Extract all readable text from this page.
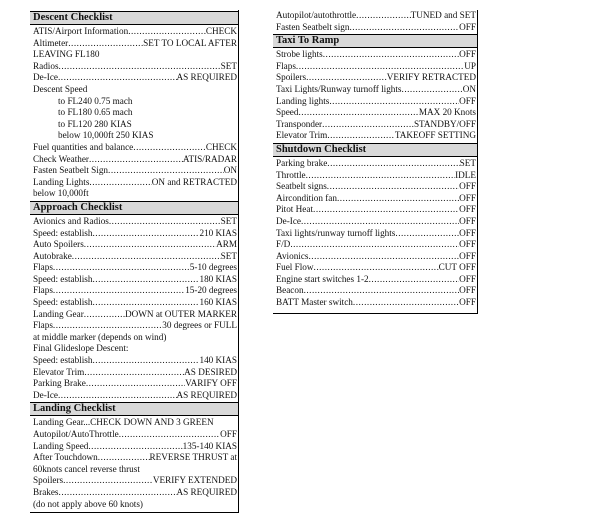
Descent Checklist
ATIS/Airport Information .....	CHECK
Altimeter .....	SET TO LOCAL AFTER
LEAVING FL180
Radios .....	SET
De-Ice .....	AS REQUIRED
Descent Speed
to FL240 0.75 mach
to FL180 0.65 mach
to FL120 280 KIAS
below 10,000ft 250 KIAS
Fuel quantities and balance .....	CHECK
Check Weather .....	ATIS/RADAR
Fasten Seatbelt Sign .....	ON
Landing Lights .....	ON and RETRACTED
below 10,000ft
Approach Checklist
Avionics and Radios .....	SET
Speed: establish .....	210 KIAS
Auto Spoilers .....	ARM
Autobrake .....	SET
Flaps .....	5-10 degrees
Speed: establish .....	180 KIAS
Flaps .....	15-20 degrees
Speed: establish .....	160 KIAS
Landing Gear .....	DOWN at OUTER MARKER
Flaps .....	30 degrees or FULL
at middle marker (depends on wind)
Final Glideslope Descent:
Speed: establish .....	140 KIAS
Elevator Trim .....	AS DESIRED
Parking Brake .....	VARIFY OFF
De-Ice .....	AS REQUIRED
Landing Checklist
Landing Gear...CHECK DOWN AND 3 GREEN
Autopilot/AutoThrottle .....	OFF
Landing Speed .....	135-140 KIAS
After Touchdown .....	REVERSE THRUST at
60knots cancel reverse thrust
Spoilers .....	VERIFY EXTENDED
Brakes .....	AS REQUIRED
(do not apply above 60 knots)
Autopilot/autothrottle .....	TUNED and SET
Fasten Seatbelt sign .....	OFF
Taxi To Ramp
Strobe lights .....	OFF
Flaps .....	UP
Spoilers .....	VERIFY RETRACTED
Taxi Lights/Runway turnoff lights .....	ON
Landing lights .....	OFF
Speed .....	MAX 20 Knots
Transponder .....	STANDBY/OFF
Elevator Trim .....	TAKEOFF SETTING
Shutdown Checklist
Parking brake .....	SET
Throttle .....	IDLE
Seatbelt signs .....	OFF
Aircondition fan .....	OFF
Pitot Heat .....	OFF
De-Ice .....	OFF
Taxi lights/runway turnoff lights .....	OFF
F/D .....	OFF
Avionics .....	OFF
Fuel Flow .....	CUT OFF
Engine start switches 1-2 .....	OFF
Beacon .....	OFF
BATT Master switch .....	OFF
